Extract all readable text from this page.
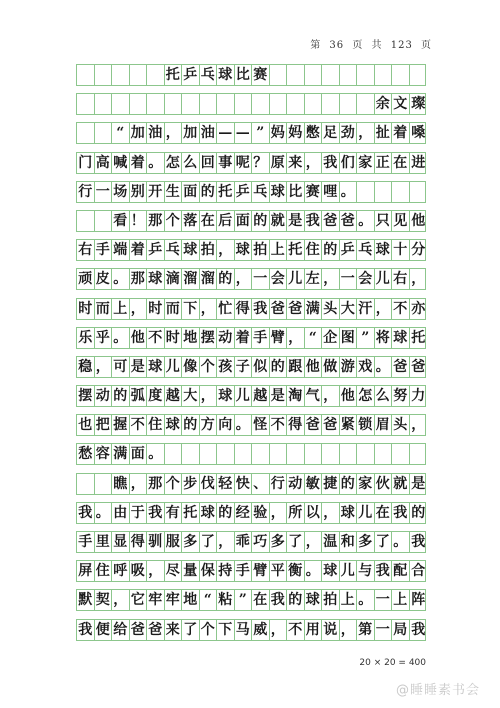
第 36 页 共 123 页
托 乒 乓 球 比 赛
余 文 璨
“ 加 油 ， 加 油 — — ” 妈 妈 憋 足 劲 ， 扯 着 嗓
门 高 喊 着 。 怎 么 回 事 呢 ？ 原 来 ， 我 们 家 正 在 进
行 一 场 别 开 生 面 的 托 乒 乓 球 比 赛 哩 。
看 ！ 那 个 落 在 后 面 的 就 是 我 爸 爸 。 只 见 他
右 手 端 着 乒 乓 球 拍 ， 球 拍 上 托 住 的 乒 乓 球 十 分
顽 皮 。 那 球 滴 溜 溜 的 ， 一 会 儿 左 ， 一 会 儿 右 ，
时 而 上 ， 时 而 下 ， 忙 得 我 爸 爸 满 头 大 汗 ， 不 亦
乐 乎 。 他 不 时 地 摆 动 着 手 臂 ， “ 企 图 ” 将 球 托
稳 ， 可 是 球 儿 像 个 孩 子 似 的 跟 他 做 游 戏 。 爸 爸
摆 动 的 弧 度 越 大 ， 球 儿 越 是 淘 气 ， 他 怎 么 努 力
也 把 握 不 住 球 的 方 向 。 怪 不 得 爸 爸 紧 锁 眉 头 ，
愁 容 满 面 。
瞧 ， 那 个 步 伐 轻 快 、 行 动 敏 捷 的 家 伙 就 是
我 。 由 于 我 有 托 球 的 经 验 ， 所 以 ， 球 儿 在 我 的
手 里 显 得 驯 服 多 了 ， 乖 巧 多 了 ， 温 和 多 了 。 我
屏 住 呼 吸 ， 尽 量 保 持 手 臂 平 衡 。 球 儿 与 我 配 合
默 契 ， 它 牢 牢 地 “ 粘 ” 在 我 的 球 拍 上 。 一 上 阵
我 便 给 爸 爸 来 了 个 下 马 威 ， 不 用 说 ， 第 一 局 我
20 × 20 = 400
@睡睡素书会
